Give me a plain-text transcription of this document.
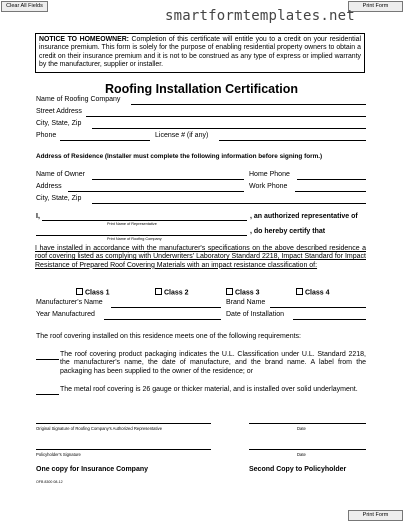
Clear All Fields	Print Form
smartformtemplates.net
NOTICE TO HOMEOWNER: Completion of this certificate will entitle you to a credit on your residential insurance premium. This form is solely for the purpose of enabling residential property owners to obtain a credit on their insurance premium and it is not to be construed as any type of express or implied warranty by the manufacturer, supplier or installer.
Roofing Installation Certification
Name of Roofing Company
Street Address
City, State, Zip
Phone	License # (if any)
Address of Residence (Installer must complete the following information before signing form.)
Name of Owner	Home Phone
Address	Work Phone
City, State, Zip
I,	, an authorized representative of
Print Name of Representative
, do hereby certify that
Print Name of Roofing Company
I have installed in accordance with the manufacturer's specifications on the above described residence a roof covering listed as complying with Underwriters' Laboratory Standard 2218, Impact Standard for Impact Resistance of Prepared Roof Covering Materials with an impact resistance classification of:
Class 1	Class 2	Class 3	Class 4
Manufacturer's Name	Brand Name
Year Manufactured	Date of Installation
The roof covering installed on this residence meets one of the following requirements:
The roof covering product packaging indicates the U.L. Classification under U.L. Standard 2218, the manufacturer's name, the date of manufacture, and the brand name. A label from the packaging has been supplied to the owner of the residence; or
The metal roof covering is 26 gauge or thicker material, and is installed over solid underlayment.
Original Signature of Roofing Company's Authorized Representative	Date
Policyholder's Signature	Date
One copy for Insurance Company	Second Copy to Policyholder
OFB 8300 08-12
Print Form
